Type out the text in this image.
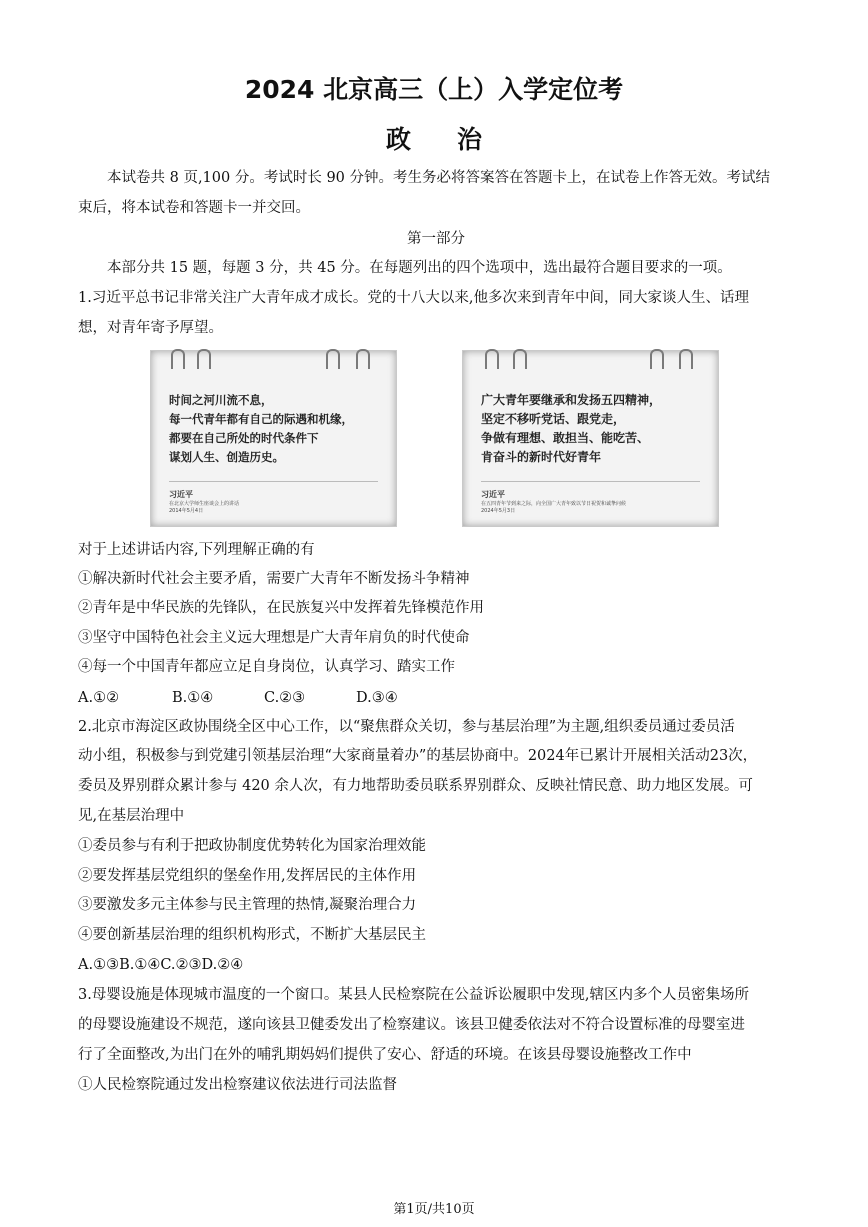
2024 北京高三（上）入学定位考
政治
本试卷共 8 页,100 分。考试时长 90 分钟。考生务必将答案答在答题卡上，在试卷上作答无效。考试结
束后，将本试卷和答题卡一并交回。
第一部分
本部分共 15 题，每题 3 分，共 45 分。在每题列出的四个选项中，选出最符合题目要求的一项。
1.习近平总书记非常关注广大青年成才成长。党的十八大以来,他多次来到青年中间，同大家谈人生、话理
想，对青年寄予厚望。
时间之河川流不息，
每一代青年都有自己的际遇和机缘，
都要在自己所处的时代条件下
谋划人生、创造历史。
习近平
在北京大学师生座谈会上的讲话
2014年5月4日
广大青年要继承和发扬五四精神，
坚定不移听党话、跟党走，
争做有理想、敢担当、能吃苦、
肯奋斗的新时代好青年
习近平
在五四青年节到来之际，向全国广大青年致以节日祝贺和诚挚问候
2024年5月3日
对于上述讲话内容,下列理解正确的有
①解决新时代社会主要矛盾，需要广大青年不断发扬斗争精神
②青年是中华民族的先锋队，在民族复兴中发挥着先锋模范作用
③坚守中国特色社会主义远大理想是广大青年肩负的时代使命
④每一个中国青年都应立足自身岗位，认真学习、踏实工作
A.①②	B.①④	C.②③	D.③④
2.北京市海淀区政协围绕全区中心工作，以“聚焦群众关切，参与基层治理”为主题,组织委员通过委员活
动小组，积极参与到党建引领基层治理“大家商量着办”的基层协商中。2024年已累计开展相关活动23次，
委员及界别群众累计参与 420 余人次，有力地帮助委员联系界别群众、反映社情民意、助力地区发展。可
见,在基层治理中
①委员参与有利于把政协制度优势转化为国家治理效能
②要发挥基层党组织的堡垒作用,发挥居民的主体作用
③要激发多元主体参与民主管理的热情,凝聚治理合力
④要创新基层治理的组织机构形式，不断扩大基层民主
A.①③B.①④C.②③D.②④
3.母婴设施是体现城市温度的一个窗口。某县人民检察院在公益诉讼履职中发现,辖区内多个人员密集场所
的母婴设施建设不规范，遂向该县卫健委发出了检察建议。该县卫健委依法对不符合设置标准的母婴室进
行了全面整改,为出门在外的哺乳期妈妈们提供了安心、舒适的环境。在该县母婴设施整改工作中
①人民检察院通过发出检察建议依法进行司法监督
第1页/共10页
